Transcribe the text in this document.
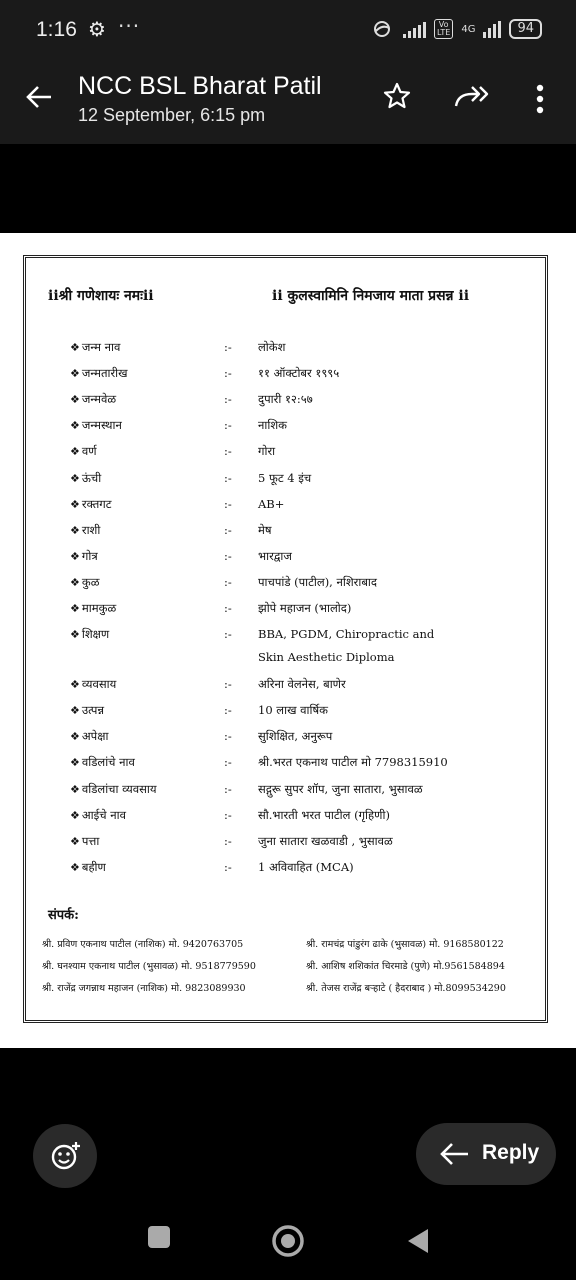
1:16 ⚙ ···	Vo
LTE	4G	94
NCC BSL Bharat Patil
12 September, 6:15 pm
iiश्री गणेशायः नमःii	ii कुलस्वामिनि निमजाय माता प्रसन्न ii
❖ जन्म नाव	:- लोकेश
❖ जन्मतारीख	:- ११ ऑक्टोबर १९९५
❖ जन्मवेळ	:- दुपारी १२:५७
❖ जन्मस्थान	:- नाशिक
❖ वर्ण	:- गोरा
❖ ऊंची	:- 5 फूट 4 इंच
❖ रक्तगट	:- AB+
❖ राशी	:- मेष
❖ गोत्र	:- भारद्वाज
❖ कुळ	:- पाचपांडे (पाटील), नशिराबाद
❖ मामकुळ	:- झोपे महाजन (भालोद)
❖ शिक्षण	:- BBA, PGDM, Chiropractic and
Skin Aesthetic Diploma
❖ व्यवसाय	:- अरिना वेलनेस, बाणेर
❖ उत्पन्न	:- 10 लाख वार्षिक
❖ अपेक्षा	:- सुशिक्षित, अनुरूप
❖ वडिलांचे नाव	:- श्री.भरत एकनाथ पाटील मो 7798315910
❖ वडिलांचा व्यवसाय	:- सद्गुरू सुपर शॉप, जुना सातारा, भुसावळ
❖ आईचे नाव	:- सौ.भारती भरत पाटील (गृहिणी)
❖ पत्ता	:- जुना सातारा खळवाडी , भुसावळ
❖ बहीण	:- 1 अविवाहित (MCA)
संपर्क:
श्री. प्रविण एकनाथ पाटील (नाशिक) मो. 9420763705	श्री. रामचंद्र पांडुरंग ढाके (भुसावळ) मो. 9168580122
श्री. घनश्याम एकनाथ पाटील (भुसावळ) मो. 9518779590	श्री. आशिष शशिकांत चिरमाडे (पुणे) मो.9561584894
श्री. राजेंद्र जगन्नाथ महाजन (नाशिक) मो. 9823089930	श्री. तेजस राजेंद्र बऱ्हाटे ( हैदराबाद ) मो.8099534290
Reply
